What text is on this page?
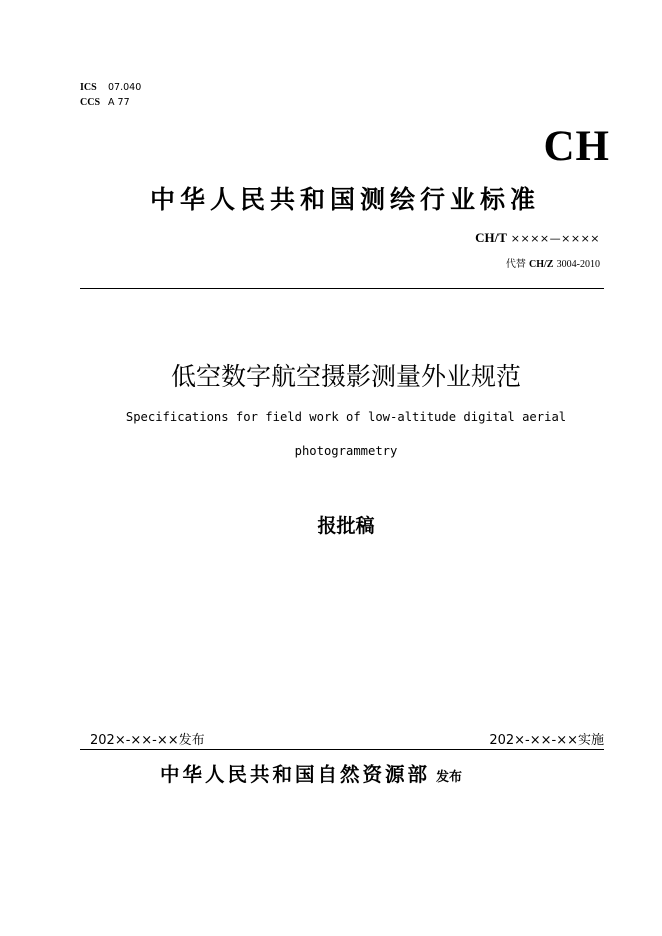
ICS 07.040
CCS A 77
CH
中华人民共和国测绘行业标准
CH/T ××××—××××
代替 CH/Z 3004-2010
低空数字航空摄影测量外业规范
Specifications for field work of low-altitude digital aerial
photogrammetry
报批稿
202×-××-××发布	202×-××-××实施
中华人民共和国自然资源部 发布
